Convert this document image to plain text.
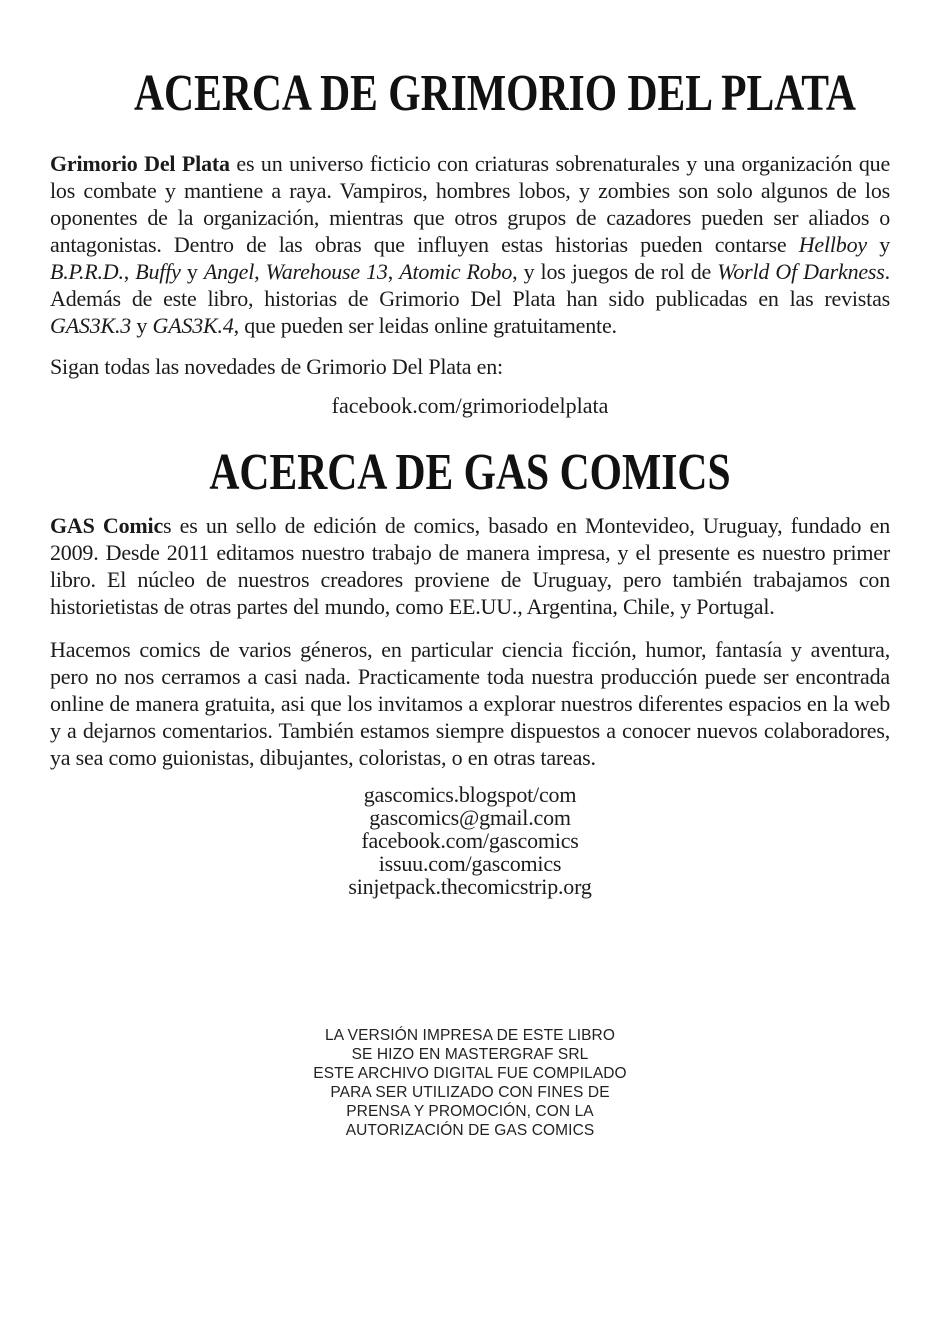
ACERCA DE GRIMORIO DEL PLATA

Grimorio Del Plata es un universo ficticio con criaturas sobrenaturales y una organización que los combate y mantiene a raya. Vampiros, hombres lobos, y zombies son solo algunos de los oponentes de la organización, mientras que otros grupos de cazadores pueden ser aliados o antagonistas. Dentro de las obras que influyen estas historias pueden contarse Hellboy y B.P.R.D., Buffy y Angel, Warehouse 13, Atomic Robo, y los juegos de rol de World Of Darkness. Además de este libro, historias de Grimorio Del Plata han sido publicadas en las revistas GAS3K.3 y GAS3K.4, que pueden ser leidas online gratuitamente.

Sigan todas las novedades de Grimorio Del Plata en:

facebook.com/grimoriodelplata

ACERCA DE GAS COMICS

GAS Comics es un sello de edición de comics, basado en Montevideo, Uruguay, fundado en 2009. Desde 2011 editamos nuestro trabajo de manera impresa, y el presente es nuestro primer libro. El núcleo de nuestros creadores proviene de Uruguay, pero también trabajamos con historietistas de otras partes del mundo, como EE.UU., Argentina, Chile, y Portugal.

Hacemos comics de varios géneros, en particular ciencia ficción, humor, fantasía y aventura, pero no nos cerramos a casi nada. Practicamente toda nuestra producción puede ser encontrada online de manera gratuita, asi que los invitamos a explorar nuestros diferentes espacios en la web y a dejarnos comentarios. También estamos siempre dispuestos a conocer nuevos colaboradores, ya sea como guionistas, dibujantes, coloristas, o en otras tareas.

gascomics.blogspot/com
gascomics@gmail.com
facebook.com/gascomics
issuu.com/gascomics
sinjetpack.thecomicstrip.org
LA VERSIÓN IMPRESA DE ESTE LIBRO
SE HIZO EN MASTERGRAF SRL
ESTE ARCHIVO DIGITAL FUE COMPILADO
PARA SER UTILIZADO CON FINES DE
PRENSA Y PROMOCIÓN, CON LA
AUTORIZACIÓN DE GAS COMICS
